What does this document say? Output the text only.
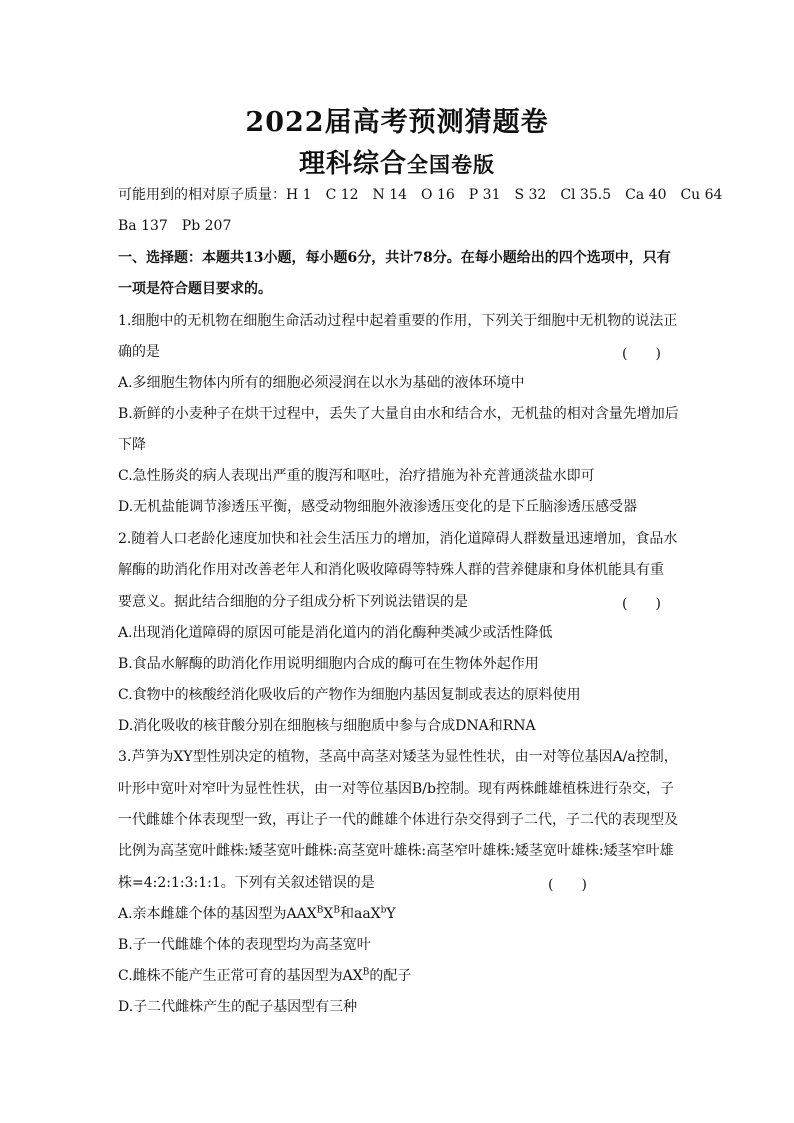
2022届高考预测猜题卷
理科综合全国卷版
可能用到的相对原子质量：H 1　C 12　N 14　O 16　P 31　S 32　Cl 35.5　Ca 40　Cu 64
Ba 137　Pb 207
一、选择题：本题共13小题，每小题6分，共计78分。在每小题给出的四个选项中，只有
一项是符合题目要求的。
1.细胞中的无机物在细胞生命活动过程中起着重要的作用，下列关于细胞中无机物的说法正
确的是	(　　)
A.多细胞生物体内所有的细胞必须浸润在以水为基础的液体环境中
B.新鲜的小麦种子在烘干过程中，丢失了大量自由水和结合水，无机盐的相对含量先增加后
下降
C.急性肠炎的病人表现出严重的腹泻和呕吐，治疗措施为补充普通淡盐水即可
D.无机盐能调节渗透压平衡，感受动物细胞外液渗透压变化的是下丘脑渗透压感受器
2.随着人口老龄化速度加快和社会生活压力的增加，消化道障碍人群数量迅速增加，食品水
解酶的助消化作用对改善老年人和消化吸收障碍等特殊人群的营养健康和身体机能具有重
要意义。据此结合细胞的分子组成分析下列说法错误的是	(　　)
A.出现消化道障碍的原因可能是消化道内的消化酶种类减少或活性降低
B.食品水解酶的助消化作用说明细胞内合成的酶可在生物体外起作用
C.食物中的核酸经消化吸收后的产物作为细胞内基因复制或表达的原料使用
D.消化吸收的核苷酸分别在细胞核与细胞质中参与合成DNA和RNA
3.芦笋为XY型性别决定的植物，茎高中高茎对矮茎为显性性状，由一对等位基因A/a控制，
叶形中宽叶对窄叶为显性性状，由一对等位基因B/b控制。现有两株雌雄植株进行杂交，子
一代雌雄个体表现型一致，再让子一代的雌雄个体进行杂交得到子二代，子二代的表现型及
比例为高茎宽叶雌株:矮茎宽叶雌株:高茎宽叶雄株:高茎窄叶雄株:矮茎宽叶雄株:矮茎窄叶雄
株=4:2:1:3:1:1。下列有关叙述错误的是	(　　)
A.亲本雌雄个体的基因型为$AAX^BX^B$和aaX$^b$Y
B.子一代雌雄个体的表现型均为高茎宽叶
C.雌株不能产生正常可育的基因型为$AX^B$的配子
D.子二代雌株产生的配子基因型有三种
